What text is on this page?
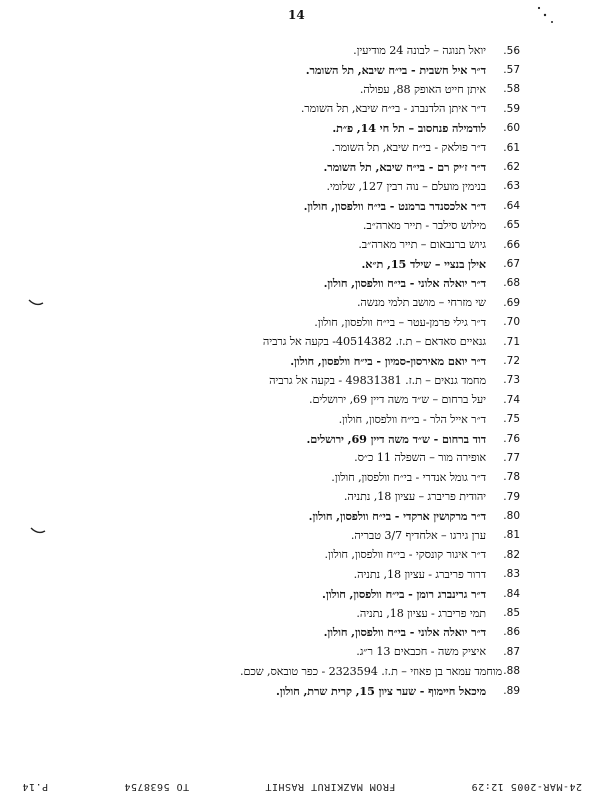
14
יואל תנוגה – לבונה 24 מודיעין.	.56
ד״ר איל חשבית - בי״ח שיבא, תל השומר.	.57
איתן חייט האופק 88, עפולה.	.58
ד״ר איתן הלדנברג - בי״ח שיבא, תל השומר.	.59
לודמילה פנחסוב – תל חי 14, פ״ת.	.60
ד״ר פולאק - בי״ח שיבא, תל השומר.	.61
ד״ר ז׳יק רם - בי״ח שיבא, תל השומר.	.62
בנימין מועלם – נוה רבין 127, שלומי.	.63
ד״ר אלכסנדר ברמנט - בי״ח וולפסון, חולון.	.64
מילוש סילבר - תייר מארה״ב.	.65
גיוש ברנבאום – תייר מארה״ב.	.66
אילן בנציי – שילד 15, ת״א.	.67
ד״ר יואלה אלוני - בי״ח וולפסון, חולון.	.68
שי מזרחי – מושב תלמי מנשה.	.69
ד״ר גילי פרמן-עטר – בי״ח וולפסון, חולון.	.70
גנאיים סאדאם – ת.ז. 40514382- בקעה אל גרביה	.71
ד״ר יואם מאירסון-סמיון - בי״ח וולפסון, חולון.	.72
מחמד גנאים – ת.ז. 49831381 - בקעה אל גרביה	.73
יעל ברחום – ש״ד משה דיין 69, ירושלים.	.74
ד״ר אייל הלר - בי״ח וולפסון, חולון.	.75
דוד ברחום - ש״ד משה דיין 69, ירושלים.	.76
אופירה מור – השפלה 11 כ״ס.	.77
ד״ר גומל אנדרי - בי״ח וולפסון, חולון.	.78
יהודית פריברג – עציון 18, נתניה.	.79
ד״ר מרקושין ארקדי - בי״ח וולפסון, חולון.	.80
ערן גירגו – אלחדיף 3/7 טבריה.	.81
ד״ר איגור קונסקי - בי״ח וולפסון, חולון.	.82
דרור פריברג - עציון 18, נתניה.	.83
ד״ר גרינברג רומן - בי״ח וולפסון, חולון.	.84
תמי פריברג - עציון 18, נתניה.	.85
ד״ר יואלה אלוני - בי״ח וולפסון, חולון.	.86
איציק משה - חכבאים 13 ר״ג.	.87
מוחמד עמאר בן פאוזי – ת.ז. 2323594 - כפר טובאס, שכם. .88
מיכאל חיימוף - שער ציון 15, קרית שרת, חולון.	.89
24-MAR-2005 12:29
FROM MAZKIRUT RASHIT
TO 5638754
P.14
